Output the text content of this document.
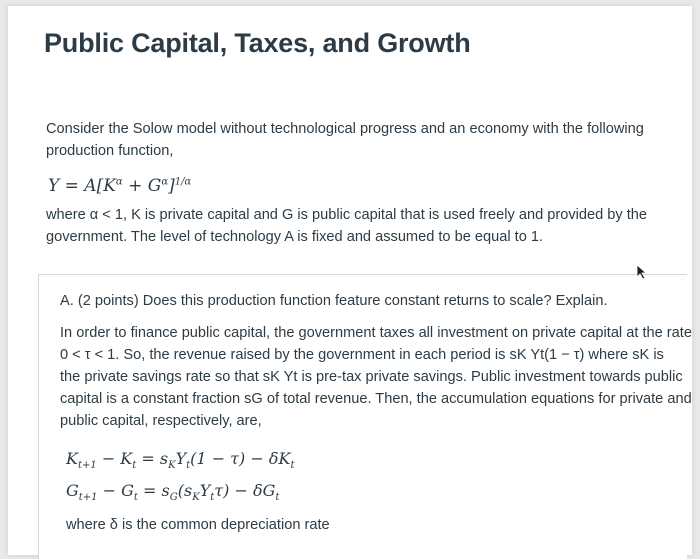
Public Capital, Taxes, and Growth
Consider the Solow model without technological progress and an economy with the following
production function,
$Y = A[K^\alpha + G^\alpha]^{1/\alpha}$
where α < 1, K is private capital and G is public capital that is used freely and provided by the
government. The level of technology A is fixed and assumed to be equal to 1.
A. (2 points) Does this production function feature constant returns to scale? Explain.
In order to finance public capital, the government taxes all investment on private capital at the rate
0 < τ < 1. So, the revenue raised by the government in each period is sK Yt(1 − τ) where sK is
the private savings rate so that sK Yt is pre-tax private savings. Public investment towards public
capital is a constant fraction sG of total revenue. Then, the accumulation equations for private and
public capital, respectively, are,
$K_{t+1} - K_t = s_KY_t(1 - \tau) - \delta K_t$
$G_{t+1} - G_t = s_G(s_KY_t\tau) - \delta G_t$
where δ is the common depreciation rate
